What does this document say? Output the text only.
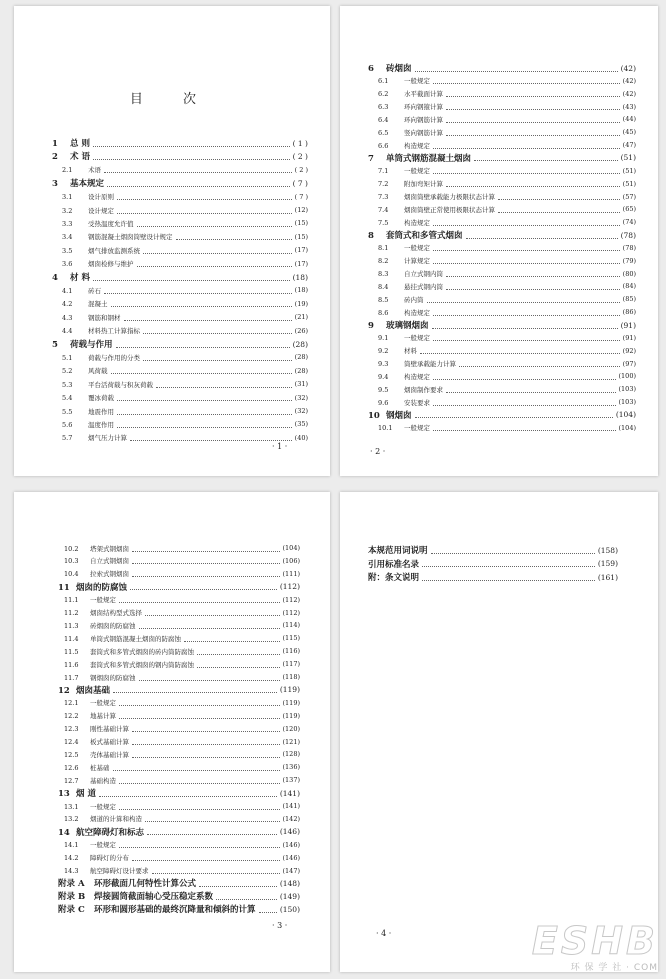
目 次
1 总 则	( 1 )
2 术 语	( 2 )
2.1 术语	( 2 )
3 基本规定	( 7 )
3.1 设计原则	( 7 )
3.2 设计规定	(12)
3.3 受热温度允许值	(15)
3.4 钢筋混凝土烟囱筒壁设计规定	(15)
3.5 烟气排放监测系统	(17)
3.6 烟囱检修与维护	(17)
4 材 料	(18)
4.1 砖石	(18)
4.2 混凝土	(19)
4.3 钢筋和钢材	(21)
4.4 材料热工计算指标	(26)
5 荷载与作用	(28)
5.1 荷载与作用的分类	(28)
5.2 风荷载	(28)
5.3 平台活荷载与积灰荷载	(31)
5.4 覆冰荷载	(32)
5.5 地震作用	(32)
5.6 温度作用	(35)
5.7 烟气压力计算	(40)
· 1 ·
6 砖烟囱	(42)
6.1 一般规定	(42)
6.2 水平截面计算	(42)
6.3 环向钢箍计算	(43)
6.4 环向钢筋计算	(44)
6.5 竖向钢筋计算	(45)
6.6 构造规定	(47)
7 单筒式钢筋混凝土烟囱	(51)
7.1 一般规定	(51)
7.2 附加弯矩计算	(51)
7.3 烟囱筒壁承载能力极限状态计算	(57)
7.4 烟囱筒壁正常使用极限状态计算	(65)
7.5 构造规定	(74)
8 套筒式和多管式烟囱	(78)
8.1 一般规定	(78)
8.2 计算规定	(79)
8.3 自立式钢内筒	(80)
8.4 悬挂式钢内筒	(84)
8.5 砖内筒	(85)
8.6 构造规定	(86)
9 玻璃钢烟囱	(91)
9.1 一般规定	(91)
9.2 材料	(92)
9.3 筒壁承载能力计算	(97)
9.4 构造规定	(100)
9.5 烟囱制作要求	(103)
9.6 安装要求	(103)
10 钢烟囱	(104)
10.1 一般规定	(104)
· 2 ·
10.2 塔架式钢烟囱	(104)
10.3 自立式钢烟囱	(106)
10.4 拉索式钢烟囱	(111)
11 烟囱的防腐蚀	(112)
11.1 一般规定	(112)
11.2 烟囱结构型式选择	(112)
11.3 砖烟囱的防腐蚀	(114)
11.4 单筒式钢筋混凝土烟囱的防腐蚀	(115)
11.5 套筒式和多管式烟囱的砖内筒防腐蚀	(116)
11.6 套筒式和多管式烟囱的钢内筒防腐蚀	(117)
11.7 钢烟囱的防腐蚀	(118)
12 烟囱基础	(119)
12.1 一般规定	(119)
12.2 地基计算	(119)
12.3 刚性基础计算	(120)
12.4 板式基础计算	(121)
12.5 壳体基础计算	(128)
12.6 桩基础	(136)
12.7 基础构造	(137)
13 烟 道	(141)
13.1 一般规定	(141)
13.2 烟道的计算和构造	(142)
14 航空障碍灯和标志	(146)
14.1 一般规定	(146)
14.2 障碍灯的分布	(146)
14.3 航空障碍灯设计要求	(147)
附录 A 环形截面几何特性计算公式	(148)
附录 B 焊接圆筒截面轴心受压稳定系数	(149)
附录 C 环形和圆形基础的最终沉降量和倾斜的计算	(150)
· 3 ·
本规范用词说明	(158)
引用标准名录	(159)
附：条文说明	(161)
· 4 ·	ESHB
环 保 学 社 · COM
